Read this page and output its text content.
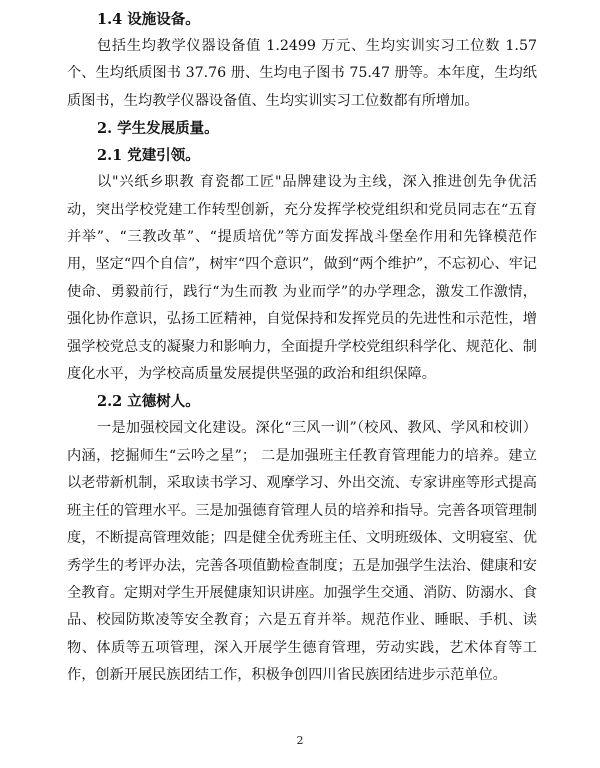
1.4 设施设备。

包括生均教学仪器设备值 1.2499 万元、生均实训实习工位数 1.57 个、生均纸质图书 37.76 册、生均电子图书 75.47 册等。本年度，生均纸质图书，生均教学仪器设备值、生均实训实习工位数都有所增加。

2. 学生发展质量。
2.1 党建引领。

以"兴纸乡职教 育瓷都工匠"品牌建设为主线，深入推进创先争优活动，突出学校党建工作转型创新，充分发挥学校党组织和党员同志在“五育并举”、“三教改革”、“提质培优”等方面发挥战斗堡垒作用和先锋模范作用，坚定“四个自信”，树牢“四个意识”，做到“两个维护”，不忘初心、牢记使命、勇毅前行，践行“为生而教 为业而学”的办学理念，激发工作激情，强化协作意识，弘扬工匠精神，自觉保持和发挥党员的先进性和示范性，增强学校党总支的凝聚力和影响力，全面提升学校党组织科学化、规范化、制度化水平，为学校高质量发展提供坚强的政治和组织保障。

2.2 立德树人。

一是加强校园文化建设。深化“三风一训”（校风、教风、学风和校训）内涵，挖掘师生“云吟之星”； 二是加强班主任教育管理能力的培养。建立以老带新机制，采取读书学习、观摩学习、外出交流、专家讲座等形式提高班主任的管理水平。三是加强德育管理人员的培养和指导。完善各项管理制度，不断提高管理效能；四是健全优秀班主任、文明班级体、文明寝室、优秀学生的考评办法，完善各项值勤检查制度；五是加强学生法治、健康和安全教育。定期对学生开展健康知识讲座。加强学生交通、消防、防溺水、食品、校园防欺凌等安全教育；六是五育并举。规范作业、睡眠、手机、读物、体质等五项管理，深入开展学生德育管理，劳动实践，艺术体育等工作，创新开展民族团结工作，积极争创四川省民族团结进步示范单位。

2
